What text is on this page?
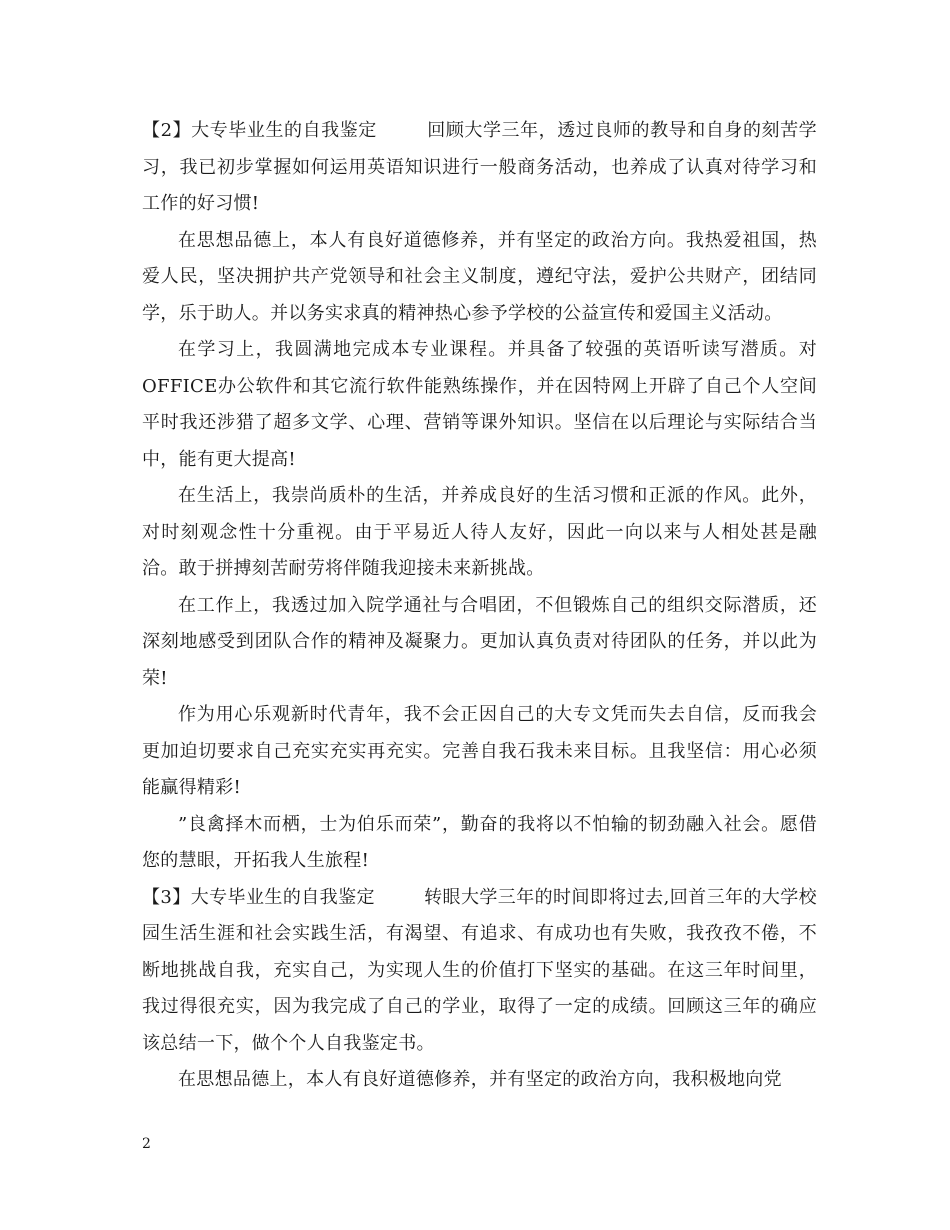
【2】大专毕业生的自我鉴定	回顾大学三年，透过良师的教导和自身的刻苦学习，我已初步掌握如何运用英语知识进行一般商务活动，也养成了认真对待学习和工作的好习惯!

在思想品德上，本人有良好道德修养，并有坚定的政治方向。我热爱祖国，热爱人民，坚决拥护共产党领导和社会主义制度，遵纪守法，爱护公共财产，团结同学，乐于助人。并以务实求真的精神热心参予学校的公益宣传和爱国主义活动。

在学习上，我圆满地完成本专业课程。并具备了较强的英语听读写潜质。对OFFICE办公软件和其它流行软件能熟练操作，并在因特网上开辟了自己个人空间平时我还涉猎了超多文学、心理、营销等课外知识。坚信在以后理论与实际结合当中，能有更大提高!

在生活上，我崇尚质朴的生活，并养成良好的生活习惯和正派的作风。此外，对时刻观念性十分重视。由于平易近人待人友好，因此一向以来与人相处甚是融洽。敢于拼搏刻苦耐劳将伴随我迎接未来新挑战。

在工作上，我透过加入院学通社与合唱团，不但锻炼自己的组织交际潜质，还深刻地感受到团队合作的精神及凝聚力。更加认真负责对待团队的任务，并以此为荣!

作为用心乐观新时代青年，我不会正因自己的大专文凭而失去自信，反而我会更加迫切要求自己充实充实再充实。完善自我石我未来目标。且我坚信：用心必须能赢得精彩!

”良禽择木而栖，士为伯乐而荣”，勤奋的我将以不怕输的韧劲融入社会。愿借您的慧眼，开拓我人生旅程!

【3】大专毕业生的自我鉴定	转眼大学三年的时间即将过去,回首三年的大学校园生活生涯和社会实践生活，有渴望、有追求、有成功也有失败，我孜孜不倦，不断地挑战自我，充实自己，为实现人生的价值打下坚实的基础。在这三年时间里，我过得很充实，因为我完成了自己的学业，取得了一定的成绩。回顾这三年的确应该总结一下，做个个人自我鉴定书。

在思想品德上，本人有良好道德修养，并有坚定的政治方向，我积极地向党

2
